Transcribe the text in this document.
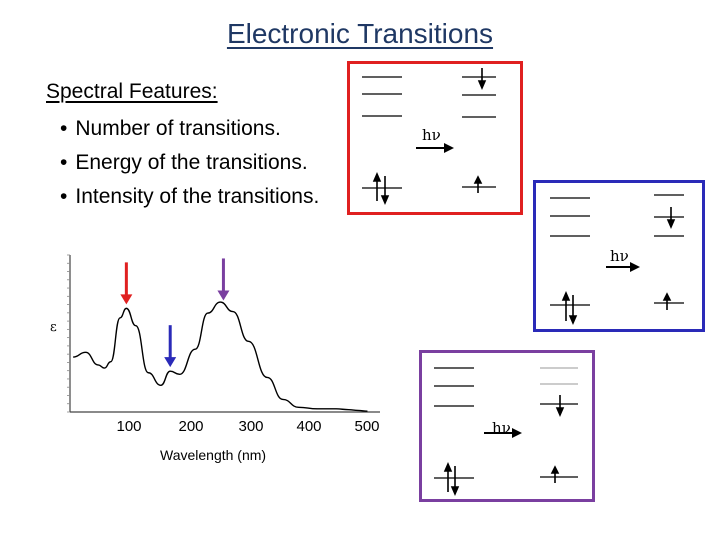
Electronic Transitions
Spectral Features:
• Number of transitions.
• Energy of the transitions.
• Intensity of the transitions.
hν
hν
hν
100	200	300	400	500
Wavelength (nm)
ε
